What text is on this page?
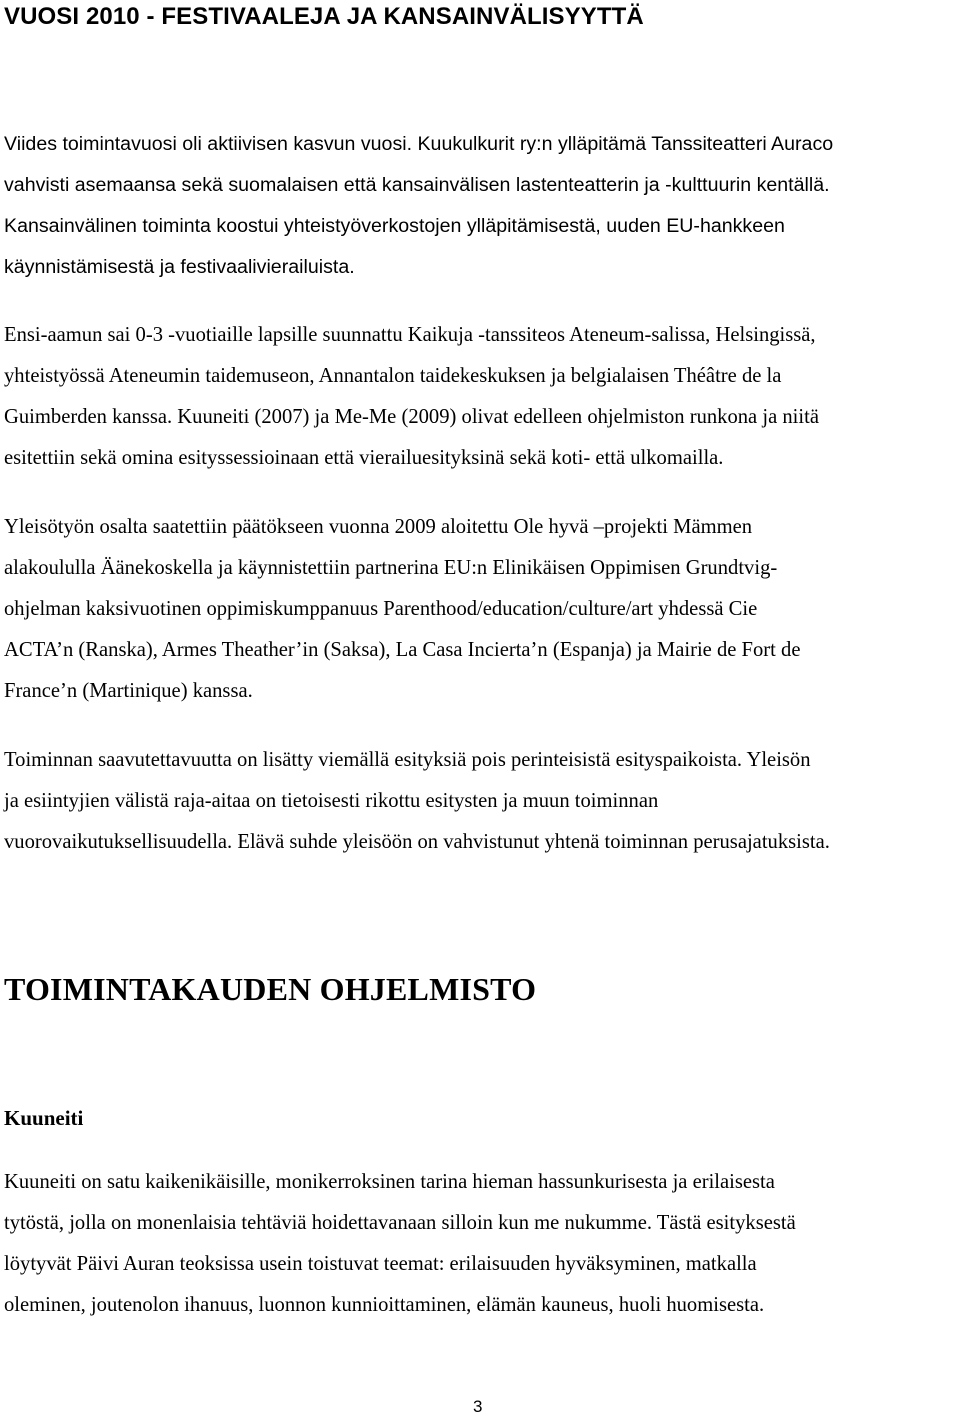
VUOSI 2010 - FESTIVAALEJA JA KANSAINVÄLISYYTTÄ

Viides toimintavuosi oli aktiivisen kasvun vuosi. Kuukulkurit ry:n ylläpitämä Tanssiteatteri Auraco
vahvisti asemaansa sekä suomalaisen että kansainvälisen lastenteatterin ja -kulttuurin kentällä.
Kansainvälinen toiminta koostui yhteistyöverkostojen ylläpitämisestä, uuden EU-hankkeen
käynnistämisestä ja festivaalivierailuista.

Ensi-aamun sai 0-3 -vuotiaille lapsille suunnattu Kaikuja -tanssiteos Ateneum-salissa, Helsingissä,
yhteistyössä Ateneumin taidemuseon, Annantalon taidekeskuksen ja belgialaisen Théâtre de la
Guimberden kanssa. Kuuneiti (2007) ja Me-Me (2009) olivat edelleen ohjelmiston runkona ja niitä
esitettiin sekä omina esityssessioinaan että vierailuesityksinä sekä koti- että ulkomailla.

Yleisötyön osalta saatettiin päätökseen vuonna 2009 aloitettu Ole hyvä –projekti Mämmen
alakoululla Äänekoskella ja käynnistettiin partnerina EU:n Elinikäisen Oppimisen Grundtvig-
ohjelman kaksivuotinen oppimiskumppanuus Parenthood/education/culture/art yhdessä Cie
ACTA’n (Ranska), Armes Theather’in (Saksa), La Casa Incierta’n (Espanja) ja Mairie de Fort de
France’n (Martinique) kanssa.

Toiminnan saavutettavuutta on lisätty viemällä esityksiä pois perinteisistä esityspaikoista. Yleisön
ja esiintyjien välistä raja-aitaa on tietoisesti rikottu esitysten ja muun toiminnan
vuorovaikutuksellisuudella. Elävä suhde yleisöön on vahvistunut yhtenä toiminnan perusajatuksista.

TOIMINTAKAUDEN OHJELMISTO
Kuuneiti

Kuuneiti on satu kaikenikäisille, monikerroksinen tarina hieman hassunkurisesta ja erilaisesta
tytöstä, jolla on monenlaisia tehtäviä hoidettavanaan silloin kun me nukumme. Tästä esityksestä
löytyvät Päivi Auran teoksissa usein toistuvat teemat: erilaisuuden hyväksyminen, matkalla
oleminen, joutenolon ihanuus, luonnon kunnioittaminen, elämän kauneus, huoli huomisesta.

3
